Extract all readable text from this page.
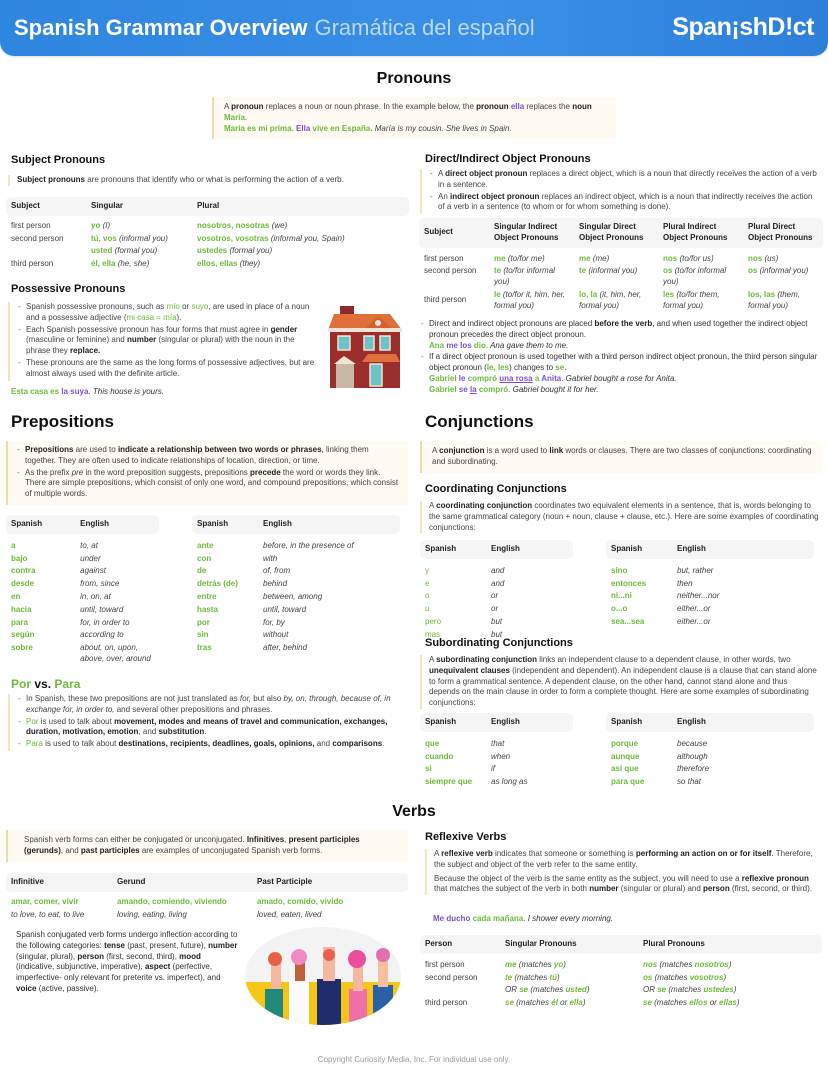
Spanish Grammar Overview Gramática del español	Span¡shD!ct
Pronouns
A pronoun replaces a noun or noun phrase. In the example below, the pronoun ella replaces the noun María.
María es mi prima. Ella vive en España. María is my cousin. She lives in Spain.
Subject Pronouns
Subject pronouns are pronouns that identify who or what is performing the action of a verb.
Subject	Singular	Plural

first person	yo (I)	nosotros, nosotras (we)
second person	tú, vos (informal you)	vosotros, vosotras (informal you, Spain)
	usted (formal you)	ustedes (formal you)
third person	él, ella (he, she)	ellos, ellas (they)
Possessive Pronouns
- Spanish possessive pronouns, such as mío or suyo, are used in place of a noun and a possessive adjective (mi casa = mía).
- Each Spanish possessive pronoun has four forms that must agree in gender (masculine or feminine) and number (singular or plural) with the noun in the phrase they replace.
- These pronouns are the same as the long forms of possessive adjectives, but are almost always used with the definite article.
Esta casa es la suya. This house is yours.
Direct/Indirect Object Pronouns
- A direct object pronoun replaces a direct object, which is a noun that directly receives the action of a verb in a sentence.
- An indirect object pronoun replaces an indirect object, which is a noun that indirectly receives the action of a verb in a sentence (to whom or for whom something is done).
Subject	Singular Indirect Object Pronouns	Singular Direct Object Pronouns	Plural Indirect Object Pronouns	Plural Direct Object Pronouns

first person	me (to/for me)	me (me)	nos (to/for us)	nos (us)
second person	te (to/for informal you)	te (informal you)	os (to/for informal you)	os (informal you)
third person	le (to/for it, him, her, formal you)	lo, la (it, him, her, formal you)	les (to/for them, formal you)	los, las (them, formal you)
- Direct and indirect object pronouns are placed before the verb, and when used together the indirect object pronoun precedes the direct object pronoun.
Ana me los dio. Ana gave them to me.
- If a direct object pronoun is used together with a third person indirect object pronoun, the third person singular object pronoun (le, les) changes to se.
Gabriel le compró una rosa a Anita. Gabriel bought a rose for Anita.
Gabriel se la compró. Gabriel bought it for her.
Prepositions
- Prepositions are used to indicate a relationship between two words or phrases, linking them together. They are often used to indicate relationships of location, direction, or time.
- As the prefix pre in the word preposition suggests, prepositions precede the word or words they link. There are simple prepositions, which consist of only one word, and compound prepositions, which consist of multiple words.
Spanish	English

a	to, at
bajo	under
contra	against
desde	from, since
en	in, on, at
hacia	until, toward
para	for, in order to
según	according to
sobre	about, on, upon, above, over, around
Spanish	English

ante	before, in the presence of
con	with
de	of, from
detrás (de)	behind
entre	between, among
hasta	until, toward
por	for, by
sin	without
tras	after, behind
Por vs. Para
- In Spanish, these two prepositions are not just translated as for, but also by, on, through, because of, in exchange for, in order to, and several other prepositions and phrases.
- Por is used to talk about movement, modes and means of travel and communication, exchanges, duration, motivation, emotion, and substitution.
- Para is used to talk about destinations, recipients, deadlines, goals, opinions, and comparisons.
Conjunctions
A conjunction is a word used to link words or clauses. There are two classes of conjunctions: coordinating and subordinating.
Coordinating Conjunctions
A coordinating conjunction coordinates two equivalent elements in a sentence, that is, words belonging to the same grammatical category (noun + noun, clause + clause, etc.). Here are some examples of coordinating conjunctions:
Spanish	English

y	and
e	and
o	or
u	or
pero	but
mas	but
Spanish	English

sino	but, rather
entonces	then
ni...ni	neither...nor
o...o	either...or
sea...sea	either...or
Subordinating Conjunctions
A subordinating conjunction links an independent clause to a dependent clause, in other words, two unequivalent clauses (independent and dependent). An independent clause is a clause that can stand alone to form a grammatical sentence. A dependent clause, on the other hand, cannot stand alone and thus depends on the main clause in order to form a complete thought. Here are some examples of subordinating conjunctions:
Spanish	English

que	that
cuando	when
si	if
siempre que	as long as
Spanish	English

porque	because
aunque	although
así que	therefore
para que	so that
Verbs
Spanish verb forms can either be conjugated or unconjugated. Infinitives, present participles (gerunds), and past participles are examples of unconjugated Spanish verb forms.
Infinitive	Gerund	Past Participle
amar, comer, vivir	amando, comiendo, viviendo	amado, comido, vivido
to love, to eat, to live	loving, eating, living	loved, eaten, lived
Spanish conjugated verb forms undergo inflection according to the following categories: tense (past, present, future), number (singular, plural), person (first, second, third), mood (indicative, subjunctive, imperative), aspect (perfective, imperfective- only relevant for preterite vs. imperfect), and voice (active, passive).
Reflexive Verbs
A reflexive verb indicates that someone or something is performing an action on or for itself. Therefore, the subject and object of the verb refer to the same entity.
Because the object of the verb is the same entity as the subject, you will need to use a reflexive pronoun that matches the subject of the verb in both number (singular or plural) and person (first, second, or third).
Me ducho cada mañana. I shower every morning.
Person	Singular Pronouns	Plural Pronouns

first person	me (matches yo)	nos (matches nosotros)
second person	te (matches tú)	os (matches vosotros)
	OR se (matches usted)	OR se (matches ustedes)
third person	se (matches él or ella)	se (matches ellos or ellas)
Copyright Curiosity Media, Inc. For individual use only.
